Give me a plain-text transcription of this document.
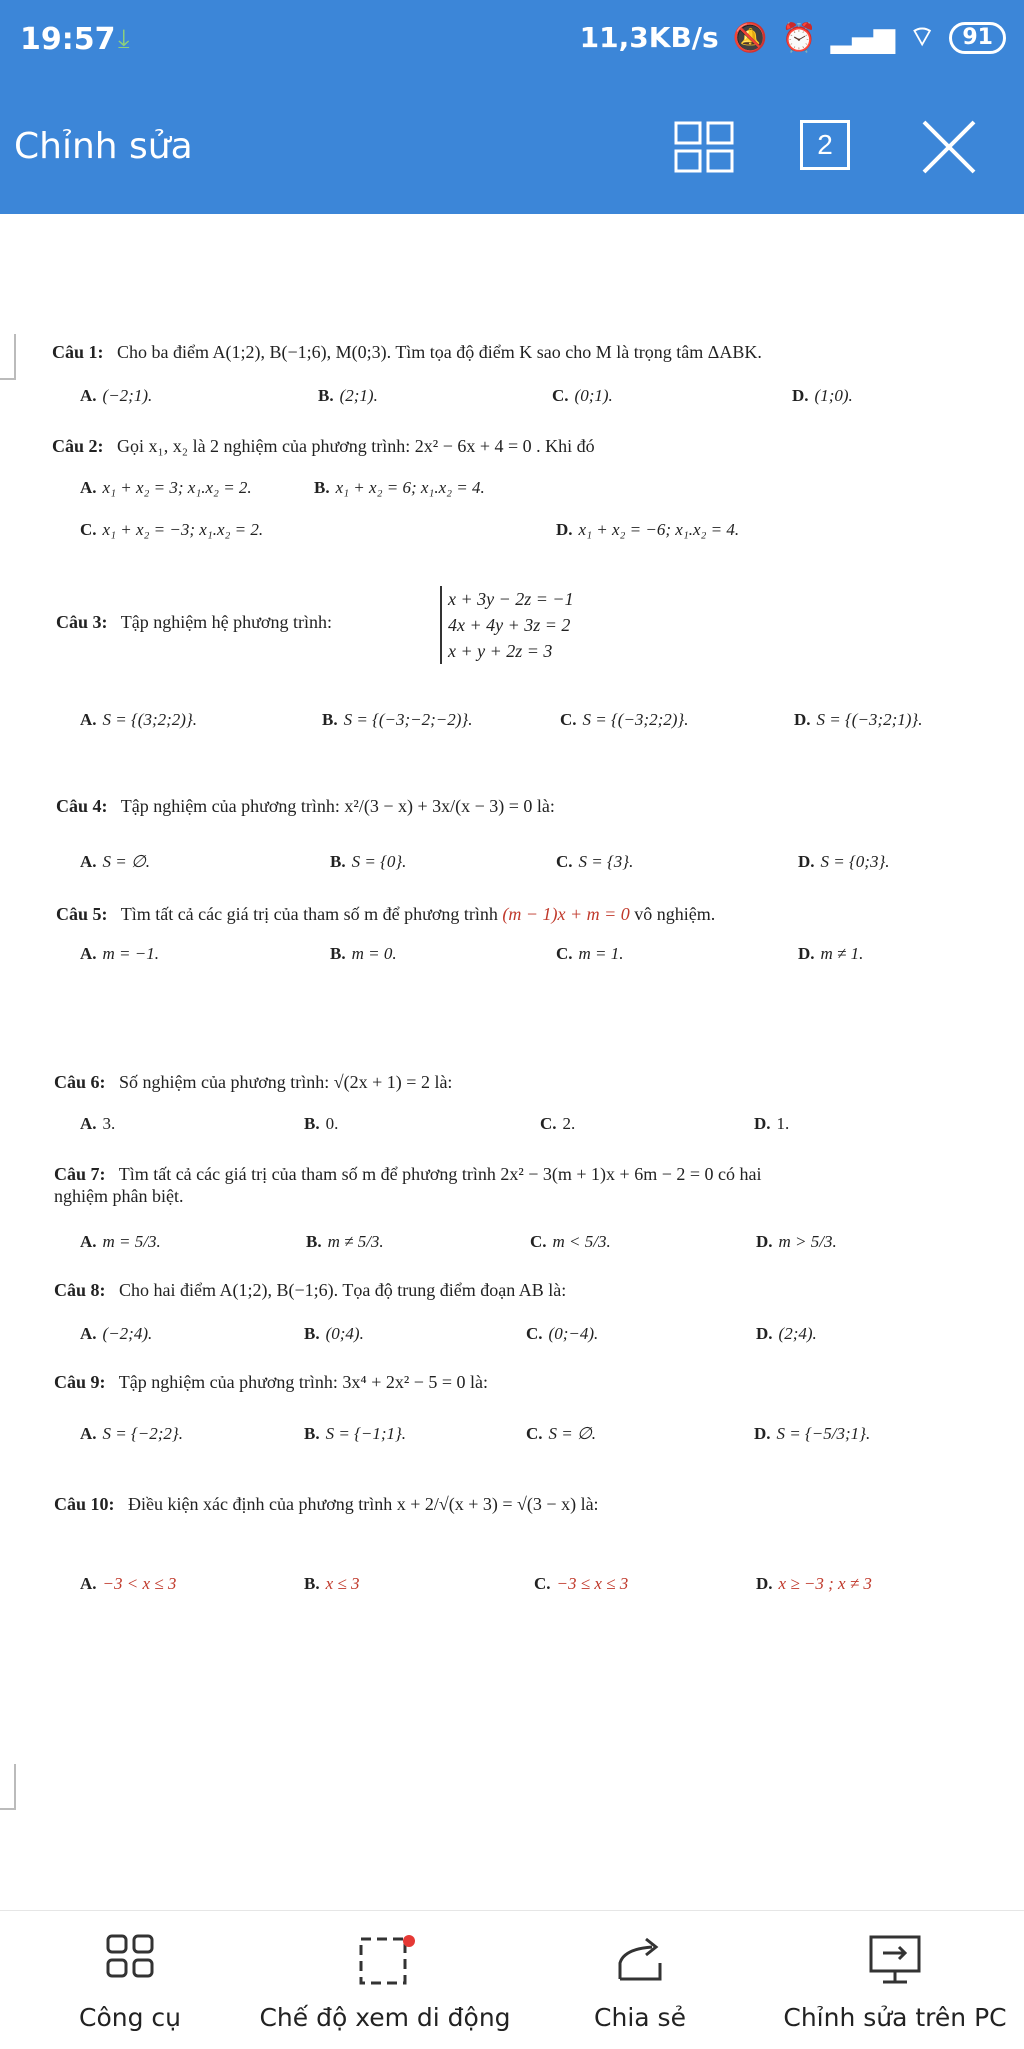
19:57 ⤓	11,3KB/s 🔕 ⏰ ▂▄▆ ⌔	91
Chỉnh sửa	2
Câu 1: Cho ba điểm A(1;2), B(−1;6), M(0;3). Tìm tọa độ điểm K sao cho M là trọng tâm ΔABK.
A. (−2;1).	B. (2;1).	C. (0;1).	D. (1;0).
Câu 2: Gọi x₁, x₂ là 2 nghiệm của phương trình: 2x² − 6x + 4 = 0 . Khi đó
A. x₁ + x₂ = 3; x₁.x₂ = 2.	B. x₁ + x₂ = 6; x₁.x₂ = 4.
C. x₁ + x₂ = −3; x₁.x₂ = 2.	D. x₁ + x₂ = −6; x₁.x₂ = 4.
Câu 3: Tập nghiệm hệ phương trình:
x + 3y − 2z = −1
4x + 4y + 3z = 2
x + y + 2z = 3
A. S = {(3;2;2)}.	B. S = {(−3;−2;−2)}.	C. S = {(−3;2;2)}.	D. S = {(−3;2;1)}.
Câu 4: Tập nghiệm của phương trình: x²/(3 − x) + 3x/(x − 3) = 0 là:
A. S = ∅.	B. S = {0}.	C. S = {3}.	D. S = {0;3}.
Câu 5: Tìm tất cả các giá trị của tham số m để phương trình (m − 1)x + m = 0 vô nghiệm.
A. m = −1.	B. m = 0.	C. m = 1.	D. m ≠ 1.
Câu 6: Số nghiệm của phương trình: √(2x + 1) = 2 là:
A. 3.	B. 0.	C. 2.	D. 1.
Câu 7: Tìm tất cả các giá trị của tham số m để phương trình 2x² − 3(m + 1)x + 6m − 2 = 0 có hai
nghiệm phân biệt.
A. m = 5/3.	B. m ≠ 5/3.	C. m < 5/3.	D. m > 5/3.
Câu 8: Cho hai điểm A(1;2), B(−1;6). Tọa độ trung điểm đoạn AB là:
A. (−2;4).	B. (0;4).	C. (0;−4).	D. (2;4).
Câu 9: Tập nghiệm của phương trình: 3x⁴ + 2x² − 5 = 0 là:
A. S = {−2;2}.	B. S = {−1;1}.	C. S = ∅.	D. S = {−5/3;1}.
Câu 10: Điều kiện xác định của phương trình x + 2/√(x + 3) = √(3 − x) là:
A. −3 < x ≤ 3	B. x ≤ 3	C. −3 ≤ x ≤ 3	D. x ≥ −3 ; x ≠ 3
Công cụ	Chế độ xem di động	Chia sẻ	Chỉnh sửa trên PC
